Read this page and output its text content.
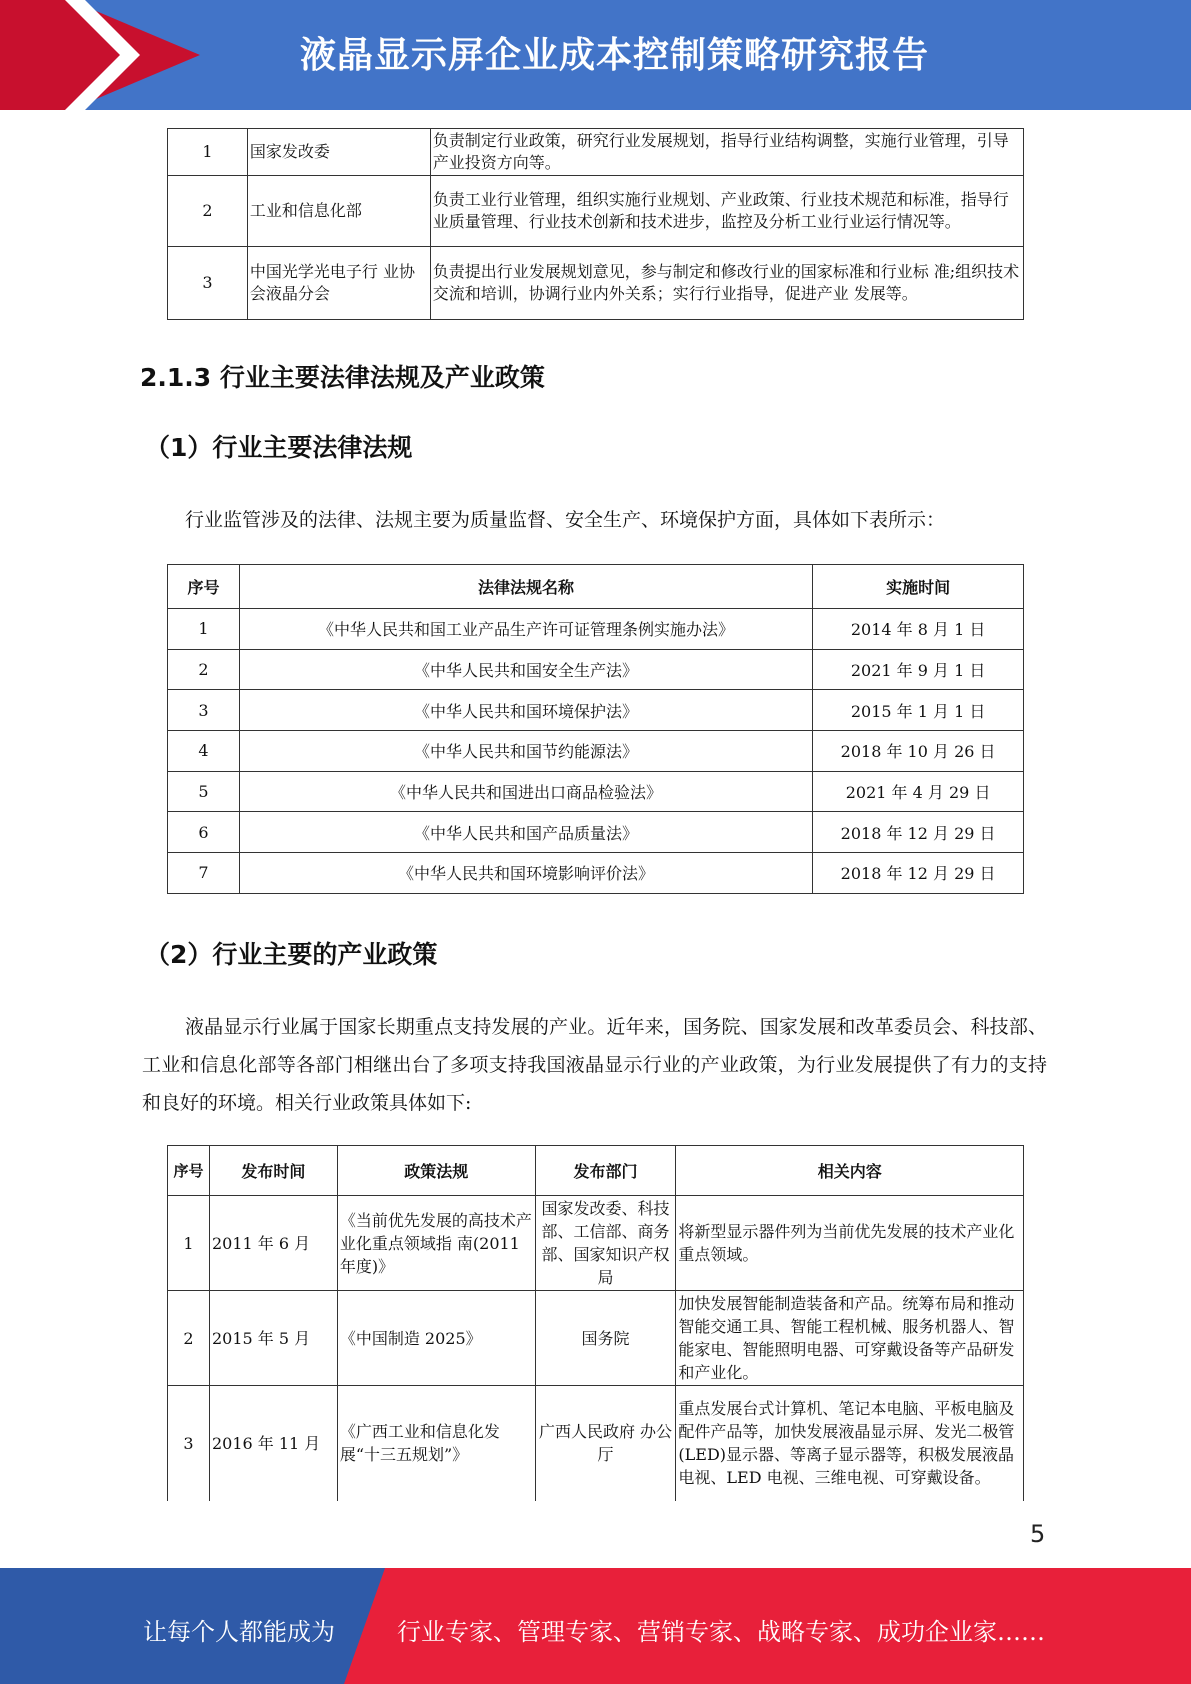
液晶显示屏企业成本控制策略研究报告
1	国家发改委	负责制定行业政策，研究行业发展规划，指导行业结构调整，实施行业管理，引导产业投资方向等。
2	工业和信息化部	负责工业行业管理，组织实施行业规划、产业政策、行业技术规范和标准，指导行业质量管理、行业技术创新和技术进步，监控及分析工业行业运行情况等。
3	中国光学光电子行 业协会液晶分会	负责提出行业发展规划意见，参与制定和修改行业的国家标准和行业标 准;组织技术交流和培训，协调行业内外关系；实行行业指导，促进产业 发展等。
2.1.3 行业主要法律法规及产业政策
（1）行业主要法律法规
行业监管涉及的法律、法规主要为质量监督、安全生产、环境保护方面，具体如下表所示：
序号	法律法规名称	实施时间
1	《中华人民共和国工业产品生产许可证管理条例实施办法》	2014 年 8 月 1 日
2	《中华人民共和国安全生产法》	2021 年 9 月 1 日
3	《中华人民共和国环境保护法》	2015 年 1 月 1 日
4	《中华人民共和国节约能源法》	2018 年 10 月 26 日
5	《中华人民共和国进出口商品检验法》	2021 年 4 月 29 日
6	《中华人民共和国产品质量法》	2018 年 12 月 29 日
7	《中华人民共和国环境影响评价法》	2018 年 12 月 29 日
（2）行业主要的产业政策
液晶显示行业属于国家长期重点支持发展的产业。近年来，国务院、国家发展和改革委员会、科技部、工业和信息化部等各部门相继出台了多项支持我国液晶显示行业的产业政策，为行业发展提供了有力的支持和良好的环境。相关行业政策具体如下:
序号	发布时间	政策法规	发布部门	相关内容
1	2011 年 6 月	《当前优先发展的高技术产业化重点领域指 南(2011 年度)》	国家发改委、科技部、工信部、商务部、国家知识产权局	将新型显示器件列为当前优先发展的技术产业化重点领域。
2	2015 年 5 月	《中国制造 2025》	国务院	加快发展智能制造装备和产品。统筹布局和推动智能交通工具、智能工程机械、服务机器人、智能家电、智能照明电器、可穿戴设备等产品研发和产业化。
3	2016 年 11 月	《广西工业和信息化发展“十三五规划”》	广西人民政府 办公厅	重点发展台式计算机、笔记本电脑、平板电脑及配件产品等，加快发展液晶显示屏、发光二极管(LED)显示器、等离子显示器等，积极发展液晶电视、LED 电视、三维电视、可穿戴设备。
5
让每个人都能成为	行业专家、管理专家、营销专家、战略专家、成功企业家……
